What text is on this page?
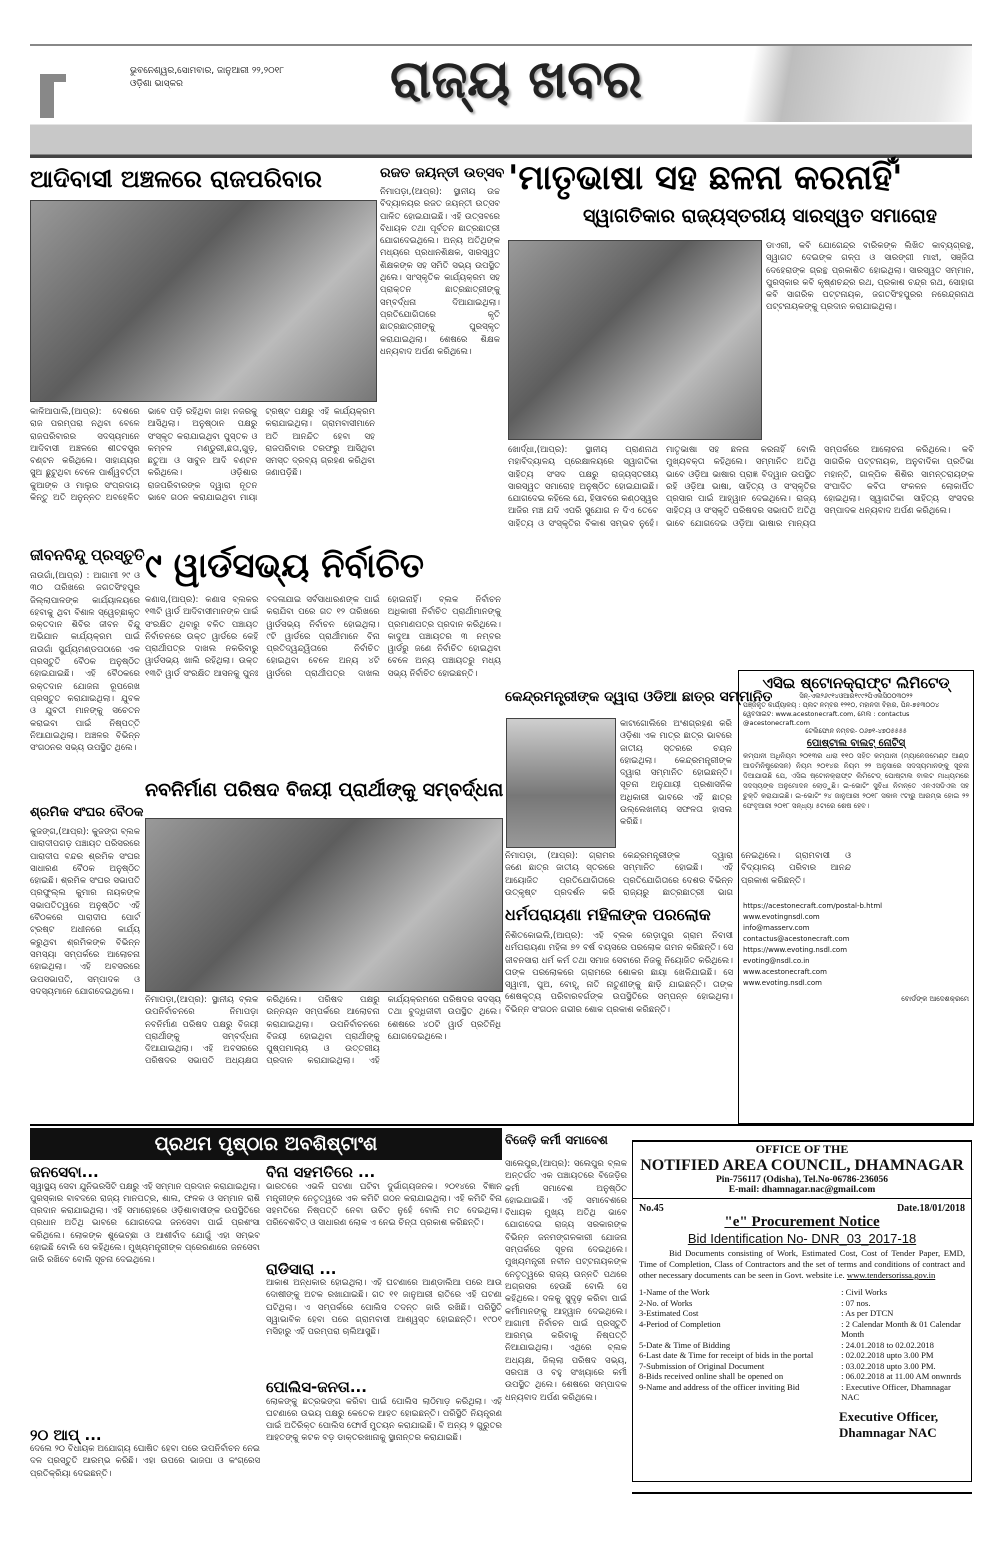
ଭୁବନେଶ୍ୱର,ସୋମବାର, ଜାନୁଆରୀ ୨୨,୨୦୧୮
ଓଡ଼ିଶା ଭାସ୍କର	ରାଜ୍ୟ ଖବର
ଆଦିବାସୀ ଅଞ୍ଚଳରେ ରାଜପରିବାର
କାଳିଆପାଲି,(ଆପ୍ର): ଦେଶରେ ରାଜ ପରମ୍ପରା ନଥିବା ବେଳେ ରାଜପରିବାରର ସଦସ୍ୟମାନେ ଆଦିବାସୀ ଅଞ୍ଚଳରେ ଶୀତବସ୍ତ୍ର ବଣ୍ଟନ କରିଥିଲେ। ସାହାଯ୍ୟର ସୁଅ ଛୁଟୁଥିବା ବେଳେ ପାର୍ଶ୍ୱବର୍ତ୍ତୀ କୁଆଙ୍କ ଓ ମାଲୁର ସଂପ୍ରଦାୟ କିନ୍ତୁ ଅତି ଅନୁନ୍ନତ ଅବହେଳିତ ଭାବେ ପଡ଼ି ରହିଥିବା ଜାହା ନଜରକୁ ଆସିଥିଲା। ଅନୁଷ୍ଠାନ ପକ୍ଷରୁ ସଂସ୍କୃତ କରାଯାଇଥିବା ପୁସ୍ତକ ଓ କମ୍ବଳ ମଣ୍ଡୁରୀ,ଛତା,ଗୁଡ଼, ଛତୁଆ ଓ ସାବୁନ ଆଦି ବଣ୍ଟନ କରିଥିଲେ। ଓଡ଼ିଶାର ରାଜପରିବାରଙ୍କ ଦ୍ୱାରା ନୂତନ ଭାବେ ଗଠନ କରାଯାଇଥିବା ମାୟା ଟ୍ରଷ୍ଟ ପକ୍ଷରୁ ଏହି କାର୍ଯ୍ୟକ୍ରମ କରାଯାଇଥିଲା। ଗ୍ରାମବାସୀମାନେ ଅତି ଆନନ୍ଦିତ ହେବା ସହ ରାଜପରିବାର ତରଫରୁ ଆସିଥିବା ସମସ୍ତ ଦ୍ରବ୍ୟ ଗ୍ରହଣ କରିଥିବା ଜଣାପଡ଼ିଛି।
ରଜତ ଜୟନ୍ତୀ ଉତ୍ସବ
ନିମାପଡ଼ା,(ଆପ୍ର): ସ୍ଥାନୀୟ ଉଚ୍ଚ ବିଦ୍ୟାଳୟର ରଜତ ଜୟନ୍ତୀ ଉତ୍ସବ ପାଳିତ ହୋଇଯାଇଛି। ଏହି ଉତ୍ସବରେ ବିଧାୟକ ତଥା ପୂର୍ବତନ ଛାତ୍ରଛାତ୍ରୀ ଯୋଗଦେଇଥିଲେ। ଅନ୍ୟ ଅତିଥିଙ୍କ ମଧ୍ୟରେ ପ୍ରଧାନଶିକ୍ଷକ, ସାରସ୍ୱତ ଶିକ୍ଷକଙ୍କ ସହ ସମିତି ସଭ୍ୟ ଉପସ୍ଥିତ ଥିଲେ। ସାଂସ୍କୃତିକ କାର୍ଯ୍ୟକ୍ରମ ସହ ପ୍ରାକ୍ତନ ଛାତ୍ରଛାତ୍ରୀଙ୍କୁ ସମ୍ବର୍ଦ୍ଧନା ଦିଆଯାଇଥିଲା। ପ୍ରତିଯୋଗିତାରେ କୃତି ଛାତ୍ରଛାତ୍ରୀଙ୍କୁ ପୁରସ୍କୃତ କରାଯାଇଥିଲା। ଶେଷରେ ଶିକ୍ଷକ ଧନ୍ୟବାଦ ଅର୍ପଣ କରିଥିଲେ।
'ମାତୃଭାଷା ସହ ଛଳନା କରନାହିଁ'
ସ୍ୱାଗତିକାର ରାଜ୍ୟସ୍ତରୀୟ ସାରସ୍ୱତ ସମାରୋହ
ଡାଏରୀ, କବି ଯୋଗେନ୍ଦ୍ର ବାରିକଙ୍କ ଲିଖିତ କାବ୍ୟଗ୍ରନ୍ଥ, ସ୍ୱାଗତ ଦେଇଙ୍କ ଗଳ୍ପ ଓ ସାରଙ୍ଗୀ ମାଝୀ, ସଞ୍ଜିତା ଦେହେରାଙ୍କ ଗ୍ରନ୍ଥ ପ୍ରକାଶିତ ହୋଇଥିଲା। ସାରସ୍ୱତ ସମ୍ମାନ, ପୁରସ୍କାର କବି କୃଷ୍ଣଚନ୍ଦ୍ର ରଥ, ପ୍ରକାଶ ଚନ୍ଦ୍ର ରଥ, ସୋହାଗ କବି ସାଗରିକ ପଟ୍ଟନାୟକ, ଜଗତସିଂହପୁରର ନରେନ୍ଦ୍ରନାଥ ପଟ୍ଟନାୟକଙ୍କୁ ପ୍ରଦାନ କରାଯାଇଥିଲା।
ଖୋର୍ଦ୍ଧା,(ଆପ୍ର): ସ୍ଥାନୀୟ ପ୍ରାଣନାଥ ମହାବିଦ୍ୟାଳୟ ପ୍ରେକ୍ଷାଳୟରେ ସ୍ୱାଗତିକା ସାହିତ୍ୟ ସଂସଦ ପକ୍ଷରୁ ରାଜ୍ୟସ୍ତରୀୟ ସାରସ୍ୱତ ସମାରୋହ ଅନୁଷ୍ଠିତ ହୋଇଯାଇଛି। ଯୋଗଦେଇ କହିଲେ ଯେ, ହିସାବରେ କଣ୍ଠସ୍ୱର ଆଜିର ମଞ୍ଚ ଯଦି ଏପରି ସୁଯୋଗ ନ ଦିଏ ତେବେ ସାହିତ୍ୟ ଓ ସଂସ୍କୃତିର ବିକାଶ ସମ୍ଭବ ନୁହେଁ। ମାତୃଭାଷା ସହ ଛଳନା କରନାହିଁ ବୋଲି ମୁଖ୍ୟବକ୍ତା କହିଥିଲେ। ସମ୍ମାନିତ ଅତିଥି ଭାବେ ଓଡ଼ିଆ ଭାଷାର ପ୍ରାଜ୍ଞ ବିଦ୍ୱାନ ଉପସ୍ଥିତ ରହି ଓଡ଼ିଆ ଭାଷା, ସାହିତ୍ୟ ଓ ସଂସ୍କୃତିର ପ୍ରସାର ପାଇଁ ଆହ୍ୱାନ ଦେଇଥିଲେ। ରାଜ୍ୟ ସାହିତ୍ୟ ଓ ସଂସ୍କୃତି ପରିଷଦର ସଭାପତି ଅତିଥି ଭାବେ ଯୋଗଦେଇ ଓଡ଼ିଆ ଭାଷାର ମାନ୍ୟତା ସମ୍ପର୍କରେ ଆଲୋଚନା କରିଥିଲେ। କବି ସାଗରିକ ପଟ୍ଟନାୟକ, ଅନୁବାଦିକା ପ୍ରତିଭା ମହାନ୍ତି, ଗାଳ୍ପିକ ଶିଶିର ସାମନ୍ତରାୟଙ୍କ ସଂପାଦିତ କବିତା ସଂକଳନ ଲୋକାର୍ପିତ ହୋଇଥିଲା। ସ୍ୱାଗତିକା ସାହିତ୍ୟ ସଂସଦର ସମ୍ପାଦକ ଧନ୍ୟବାଦ ଅର୍ପଣ କରିଥିଲେ।
ଜୀବନବିନ୍ଦୁ ପ୍ରସ୍ତୁତି
ନାଉଗାଁ,(ଆପ୍ର) : ଆଗାମୀ ୨୯ ଓ ୩୦ ତାରିଖରେ ଜଗତସିଂହପୁର ଜିଲ୍ଲାପାଳଙ୍କ କାର୍ଯ୍ୟାଳୟରେ ହେବାକୁ ଥିବା ବିଶାଳ ସ୍ୱେଚ୍ଛାକୃତ ରକ୍ତଦାନ ଶିବିର ଜୀବନ ବିନ୍ଦୁ ଅଭିଯାନ କାର୍ଯ୍ୟକ୍ରମ ପାଇଁ ନାଉଗାଁ ସୁର୍ଯ୍ୟମଣ୍ଡପଠାରେ ଏକ ପ୍ରସ୍ତୁତି ବୈଠକ ଅନୁଷ୍ଠିତ ହୋଇଯାଇଛି। ଏହି ବୈଠକରେ ରକ୍ତଦାନ ଯୋଜନା ରୂପରେଖ ପ୍ରସ୍ତୁତ କରାଯାଇଥିଲା। ଯୁବକ ଓ ଯୁବତୀ ମାନଙ୍କୁ ସଚେତନ କରାଇବା ପାଇଁ ନିଷ୍ପତ୍ତି ନିଆଯାଇଥିଲା। ଅଞ୍ଚଳର ବିଭିନ୍ନ ସଂଗଠନର ସଭ୍ୟ ଉପସ୍ଥିତ ଥିଲେ।
୯ ୱାର୍ଡସଭ୍ୟ ନିର୍ବାଚିତ
କଣାସ,(ଆପ୍ର): କଣାସ ବ୍ଲକର ୧୩ଟି ୱାର୍ଡ ଆଦିବାସୀମାନଙ୍କ ପାଇଁ ସଂରକ୍ଷିତ ଥିବାରୁ ବଳିତ ପଞ୍ଚାୟତ ନିର୍ବାଚନରେ ଉକ୍ତ ୱାର୍ଡରେ କେହି ପ୍ରାର୍ଥୀପତ୍ର ଦାଖଲ ନକରିବାରୁ ୱାର୍ଡସଭ୍ୟ ଖାଲି ରହିଥିଲା। ଉକ୍ତ ୧୩ଟି ୱାର୍ଡ ସଂରକ୍ଷିତ ଆସନକୁ ପୁନଃ ବଦଳାଯାଇ ସର୍ବସାଧାରଣଙ୍କ ପାଇଁ କରାଯିବା ପରେ ଗତ ୧୨ ତାରିଖରେ ୱାର୍ଡସଭ୍ୟ ନିର୍ବାଚନ ହୋଇଥିଲା। ୯ଟି ୱାର୍ଡରେ ପ୍ରାର୍ଥୀମାନେ ବିନା ପ୍ରତିଦ୍ୱନ୍ଦ୍ୱିତାରେ ନିର୍ବାଚିତ ହୋଇଥିବା ବେଳେ ଅନ୍ୟ ୪ଟି ୱାର୍ଡରେ ପ୍ରାର୍ଥୀପତ୍ର ଦାଖଲ ହୋଇନାହିଁ। ବ୍ଲକ ନିର୍ବାଚନ ଅଧିକାରୀ ନିର୍ବାଚିତ ପ୍ରାର୍ଥୀମାନଙ୍କୁ ପ୍ରମାଣପତ୍ର ପ୍ରଦାନ କରିଥିଲେ। କାଦୁଆ ପଞ୍ଚାୟତର ୩ ନମ୍ବର ୱାର୍ଡରୁ ଜଣେ ନିର୍ବାଚିତ ହୋଇଥିବା ବେଳେ ଅନ୍ୟ ପଞ୍ଚାୟତରୁ ମଧ୍ୟ ସଭ୍ୟ ନିର୍ବାଚିତ ହୋଇଛନ୍ତି।
ନବନିର୍ମାଣ ପରିଷଦ ବିଜୟୀ ପ୍ରାର୍ଥୀଙ୍କୁ ସମ୍ବର୍ଦ୍ଧନା
ନିମାପଡ଼ା,(ଆପ୍ର): ସ୍ଥାନୀୟ ବ୍ଲକ ଉପନିର୍ବାଚନରେ ନିମାପଡ଼ା ନବନିର୍ମାଣ ପରିଷଦ ପକ୍ଷରୁ ବିଜୟୀ ପ୍ରାର୍ଥୀଙ୍କୁ ସମ୍ବର୍ଦ୍ଧନା ଦିଆଯାଇଥିଲା। ଏହି ଅବସରରେ ପରିଷଦର ସଭାପତି ଅଧ୍ୟକ୍ଷତା କରିଥିଲେ। ପରିଷଦ ପକ୍ଷରୁ ଉନ୍ନୟନ ସମ୍ପର୍କରେ ଆଲୋଚନା କରାଯାଇଥିଲା। ଉପନିର୍ବାଚନରେ ବିଜୟୀ ହୋଇଥିବା ପ୍ରାର୍ଥୀଙ୍କୁ ପୁଷ୍ପମାଲ୍ୟ ଓ ଉତ୍ତରୀୟ ପ୍ରଦାନ କରାଯାଇଥିଲା। ଏହି କାର୍ଯ୍ୟକ୍ରମରେ ପରିଷଦର ସଦସ୍ୟ ତଥା ବୁଦ୍ଧିଜୀବୀ ଉପସ୍ଥିତ ଥିଲେ। ଶେଷରେ ୪୦ଟି ୱାର୍ଡ ପ୍ରତିନିଧି ଯୋଗଦେଇଥିଲେ।
ଶ୍ରମିକ ସଂଘର ବୈଠକ
କୁଜଙ୍ଗ,(ଆପ୍ର): କୁଜଙ୍ଗ ବ୍ଲକ ପାରାଦୀପଗଡ଼ ପଞ୍ଚାୟତ ପରିସରରେ ପାରାଦୀପ ବନ୍ଦର ଶ୍ରମିକ ସଂଘର ସାଧାରଣ ବୈଠକ ଅନୁଷ୍ଠିତ ହୋଇଛି। ଶ୍ରମିକ ସଂଘର ସଭାପତି ପ୍ରଫୁଲ୍ଲ କୁମାର ନାୟକଙ୍କ ସଭାପତିତ୍ୱରେ ଅନୁଷ୍ଠିତ ଏହି ବୈଠକରେ ପାରାଦୀପ ପୋର୍ଟ ଟ୍ରଷ୍ଟ ଅଧୀନରେ କାର୍ଯ୍ୟ କରୁଥିବା ଶ୍ରମିକଙ୍କ ବିଭିନ୍ନ ସମସ୍ୟା ସମ୍ପର୍କରେ ଆଲୋଚନା ହୋଇଥିଲା। ଏହି ଅବସରରେ ଉପସଭାପତି, ସମ୍ପାଦକ ଓ ସଦସ୍ୟମାନେ ଯୋଗଦେଇଥିଲେ।
କେନ୍ଦ୍ରମନ୍ତ୍ରୀଙ୍କ ଦ୍ୱାରା ଓଡିଆ ଛାତ୍ର ସମ୍ମାନିତ
କାଟାଗୋଲିରେ ଅଂଶଗ୍ରହଣ କରି ଓଡ଼ିଶା ଏକ ମାତ୍ର ଛାତ୍ର ଭାବରେ ଜାତୀୟ ସ୍ତରରେ ଚୟନ ହୋଇଥିଲା। କେନ୍ଦ୍ରମନ୍ତ୍ରୀଙ୍କ ଦ୍ୱାରା ସମ୍ମାନିତ ହୋଇଛନ୍ତି। ସୂଚନା ଅନୁଯାୟୀ ପ୍ରଶାସନିକ ଅଧିକାରୀ ଭାବରେ ଏହି ଛାତ୍ର ଉଲ୍ଲେଖନୀୟ ସଫଳତା ହାସଲ କରିଛି।
ନିମାପଡ଼ା, (ଆପ୍ର): ଗ୍ରାମର ଜଣେ ଛାତ୍ର ଜାତୀୟ ସ୍ତରରେ ଆୟୋଜିତ ପ୍ରତିଯୋଗିତାରେ ଉତ୍କୃଷ୍ଟ ପ୍ରଦର୍ଶନ କରି କେନ୍ଦ୍ରମନ୍ତ୍ରୀଙ୍କ ଦ୍ୱାରା ସମ୍ମାନିତ ହୋଇଛି। ଏହି ପ୍ରତିଯୋଗିତାରେ ଦେଶର ବିଭିନ୍ନ ରାଜ୍ୟରୁ ଛାତ୍ରଛାତ୍ରୀ ଭାଗ ନେଇଥିଲେ। ଗ୍ରାମବାସୀ ଓ ବିଦ୍ୟାଳୟ ପରିବାର ଆନନ୍ଦ ପ୍ରକାଶ କରିଛନ୍ତି।
ଧର୍ମପରାୟଣା ମହିଳାଙ୍କ ପରଲୋକ
ନିଶିତକୋଇଲି,(ଆପ୍ର): ଏହି ବ୍ଲକ ରେଡ଼ାପୁର ଗ୍ରାମ ନିବାସୀ ଧର୍ମପରାୟଣା ମହିଳା ୭୨ ବର୍ଷ ବୟସରେ ପରଲୋକ ଗମନ କରିଛନ୍ତି। ସେ ଜୀବନସାରା ଧର୍ମ କର୍ମ ତଥା ସମାଜ ସେବାରେ ନିଜକୁ ନିୟୋଜିତ କରିଥିଲେ। ତାଙ୍କ ପରଲୋକରେ ଗ୍ରାମରେ ଶୋକର ଛାୟା ଖେଳିଯାଇଛି। ସେ ସ୍ୱାମୀ, ପୁଅ, ବୋହୂ, ନାତି ନାତୁଣୀଙ୍କୁ ଛାଡ଼ି ଯାଇଛନ୍ତି। ତାଙ୍କ ଶେଷକୃତ୍ୟ ପରିବାରବର୍ଗଙ୍କ ଉପସ୍ଥିତିରେ ସମ୍ପନ୍ନ ହୋଇଥିଲା। ବିଭିନ୍ନ ସଂଗଠନ ଗଭୀର ଶୋକ ପ୍ରକାଶ କରିଛନ୍ତି।
ଏସିଇ ଷ୍ଟୋନକ୍ରାଫ୍ଟ ଲିମିଟେଡ୍
ସିନ୍-ଏଲ୨୬୯୧୪ଓଆର୧୯୯୨ପିଏଲସି୦୦୩୦୨୨
ପଞ୍ଜିକୃତ କାର୍ଯ୍ୟାଳୟ : ପ୍ଲଟ ନମ୍ବର ୧୨୧୦, ମହାନଦୀ ବିହାର, ପିନ-୭୫୩୦୦୪
ୱେବସାଇଟ: www.acestonecraft.com, ମେଲ : contactus @acestonecraft.com
ଟେଲିଫୋନ ନମ୍ବର- ୦୬୭୧-୪୭୦୫୫୫୫
ପୋଷ୍ଟାଲ ବାଲଟ୍ ନୋଟିସ୍
କମ୍ପାନୀ ଅଧିନିୟମ ୨୦୧୩ର ଧାରା ୧୧୦ ସହିତ କମ୍ପାନୀ (ମ୍ୟାନେଜମେଣ୍ଟ ଆଣ୍ଡ ଆଡମିନିଷ୍ଟ୍ରେସନ) ନିୟମ ୨୦୧୪ର ନିୟମ ୨୨ ଅନୁସାରେ ସଦସ୍ୟମାନଙ୍କୁ ସୂଚନା ଦିଆଯାଉଛି ଯେ, ଏସିଇ ଷ୍ଟୋନକ୍ରାଫ୍ଟ ଲିମିଟେଡ୍ ପୋଷ୍ଟାଲ ବାଲଟ ମାଧ୍ୟମରେ ସଦସ୍ୟଙ୍କ ଅନୁମୋଦନ ଲୋଡ଼ୁଛି। ଇ-ଭୋଟିଂ ସୁବିଧା ନିମନ୍ତେ ଏନଏସଡିଏଲ ସହ ଚୁକ୍ତି କରାଯାଇଛି। ଇ-ଭୋଟିଂ ୨୪ ଜାନୁଆରୀ ୨୦୧୮ ସକାଳ ୯ଟାରୁ ଆରମ୍ଭ ହୋଇ ୨୨ ଫେବୃଆରୀ ୨୦୧୮ ସନ୍ଧ୍ୟା ୫ଟାରେ ଶେଷ ହେବ।
https://acestonecraft.com/postal-b.html
www.evotingnsdl.com
info@masserv.com
contactus@acestonecraft.com
https://www.evoting.nsdl.com
evoting@nsdl.co.in
www.acestonecraft.com
www.evoting.nsdl.com
ବୋର୍ଡଙ୍କ ଆଦେଶକ୍ରମେ
ପ୍ରଥମ ପୃଷ୍ଠାର ଅବଶିଷ୍ଟାଂଶ
ଜନସେବା...
ସ୍ୱାସ୍ଥ୍ୟ ସେବା ଯୁନିଭରସିଟି ପକ୍ଷରୁ ଏହି ସମ୍ମାନ ପ୍ରଦାନ କରାଯାଇଥିଲା। ପୁରସ୍କାର ବାବଦରେ ରାଜ୍ୟ ମାନପତ୍ର, ଶାଲ, ଫଳକ ଓ ସମ୍ମାନ ରାଶି ପ୍ରଦାନ କରାଯାଇଥିଲା। ଏହି ସମାରୋହରେ ଓଡ଼ିଶାବାସୀଙ୍କ ଉପସ୍ଥିତିରେ ପ୍ରଧାନ ଅତିଥି ଭାବରେ ଯୋଗଦେଇ ଜନସେବା ପାଇଁ ପ୍ରଶଂସା କରିଥିଲେ। ଲୋକଙ୍କ ଶୁଭେଚ୍ଛା ଓ ଆଶୀର୍ବାଦ ଯୋଗୁଁ ଏହା ସମ୍ଭବ ହୋଇଛି ବୋଲି ସେ କହିଥିଲେ। ମୁଖ୍ୟମନ୍ତ୍ରୀଙ୍କ ପ୍ରେରଣାରେ ଜନସେବା ଜାରି ରଖିବେ ବୋଲି ସୂଚନା ଦେଇଥିଲେ।
୨୦ ଆପ୍ ...
ଦେଲେ ୨୦ ବିଧାୟକ ଅଯୋଗ୍ୟ ଘୋଷିତ ହେବା ପରେ ଉପନିର୍ବାଚନ ନେଇ ଦଳ ପ୍ରସ୍ତୁତି ଆରମ୍ଭ କରିଛି। ଏହା ଉପରେ ଭାଜପା ଓ କଂଗ୍ରେସ ପ୍ରତିକ୍ରିୟା ଦେଇଛନ୍ତି।
ବିନା ସହମତିରେ ...
ଭାରତରେ ଏଭଳି ଘଟଣା ଘଟିବା ଦୁର୍ଭାଗ୍ୟଜନକ। ୨୦୧୪ରେ ବିଜ୍ଞାନ ମନ୍ତ୍ରୀଙ୍କ ନେତୃତ୍ୱରେ ଏକ କମିଟି ଗଠନ କରାଯାଇଥିଲା। ଏହି କମିଟି ବିନା ସହମତିରେ ନିଷ୍ପତ୍ତି ନେବା ଉଚିତ ନୁହେଁ ବୋଲି ମତ ଦେଇଥିଲା। ପରିବେଶବିତ୍ ଓ ସାଧାରଣ ଲୋକ ଏ ନେଇ ଚିନ୍ତା ପ୍ରକାଶ କରିଛନ୍ତି।
ରାଡିସାରା ...
ଆକାଶ ଅନ୍ଧକାର ହୋଇଥିଲା। ଏହି ଘଟଣାରେ ଆଣ୍ଡାଲିଆ ପରେ ଆଉ ଦୋଷୀଙ୍କୁ ଅଟକ ରଖାଯାଇଛି। ଗତ ୧୧ ଜାନୁଆରୀ ରାତିରେ ଏହି ଘଟଣା ଘଟିଥିଲା। ଏ ସମ୍ପର୍କରେ ପୋଲିସ ତଦନ୍ତ ଜାରି ରଖିଛି। ପରିସ୍ଥିତି ସ୍ୱାଭାବିକ ହେବା ପରେ ଗ୍ରାମବାସୀ ଆଶ୍ୱସ୍ତ ହୋଇଛନ୍ତି। ୧୯୦୧ ମସିହାରୁ ଏହି ପରମ୍ପରା ଚାଲିଆସୁଛି।
ପୋଲିସ-ଜନତା...
ଲୋକଙ୍କୁ ଛତ୍ରଭଙ୍ଗ କରିବା ପାଇଁ ପୋଲିସ ଲାଠିମାଡ଼ କରିଥିଲା। ଏହି ଘଟଣାରେ ଉଭୟ ପକ୍ଷରୁ କେତେକ ଆହତ ହୋଇଛନ୍ତି। ପରିସ୍ଥିତି ନିୟନ୍ତ୍ରଣ ପାଇଁ ଅତିରିକ୍ତ ପୋଲିସ ଫୋର୍ସ ମୁତୟନ କରାଯାଇଛି। ବି ଅନ୍ୟ ୨ ଗୁରୁତର ଆହତଙ୍କୁ କଟକ ବଡ଼ ଡାକ୍ତରଖାନାକୁ ସ୍ଥାନାନ୍ତର କରାଯାଇଛି।
ବିଜେଡ଼ି କର୍ମୀ ସମାବେଶ
ସାଲେପୁର,(ଆପ୍ର): ସଲେପୁର ବ୍ଲକ ଅନ୍ତର୍ଗତ ଏକ ପଞ୍ଚାୟତରେ ବିଜେଡ଼ିର କର୍ମୀ ସମାବେଶ ଅନୁଷ୍ଠିତ ହୋଇଯାଇଛି। ଏହି ସମାବେଶରେ ବିଧାୟକ ମୁଖ୍ୟ ଅତିଥି ଭାବେ ଯୋଗଦେଇ ରାଜ୍ୟ ସରକାରଙ୍କ ବିଭିନ୍ନ ଜନମଙ୍ଗଳକାରୀ ଯୋଜନା ସମ୍ପର୍କରେ ସୂଚନା ଦେଇଥିଲେ। ମୁଖ୍ୟମନ୍ତ୍ରୀ ନବୀନ ପଟ୍ଟନାୟକଙ୍କ ନେତୃତ୍ୱରେ ରାଜ୍ୟ ଉନ୍ନତି ପଥରେ ଅଗ୍ରସର ହେଉଛି ବୋଲି ସେ କହିଥିଲେ। ଦଳକୁ ସୁଦୃଢ଼ କରିବା ପାଇଁ କର୍ମୀମାନଙ୍କୁ ଆହ୍ୱାନ ଦେଇଥିଲେ। ଆଗାମୀ ନିର୍ବାଚନ ପାଇଁ ପ୍ରସ୍ତୁତି ଆରମ୍ଭ କରିବାକୁ ନିଷ୍ପତ୍ତି ନିଆଯାଇଥିଲା। ଏଥିରେ ବ୍ଲକ ଅଧ୍ୟକ୍ଷ, ଜିଲ୍ଲା ପରିଷଦ ସଭ୍ୟ, ସରପଞ୍ଚ ଓ ବହୁ ସଂଖ୍ୟାରେ କର୍ମୀ ଉପସ୍ଥିତ ଥିଲେ। ଶେଷରେ ସମ୍ପାଦକ ଧନ୍ୟବାଦ ଅର୍ପଣ କରିଥିଲେ।
OFFICE OF THE
NOTIFIED AREA COUNCIL, DHAMNAGAR
Pin-756117 (Odisha), Tel.No-06786-236056
E-mail: dhamnagar.nac@gmail.com
No.45	Date.18/01/2018
"e" Procurement Notice
Bid Identification No- DNR_03_2017-18
Bid Documents consisting of Work, Estimated Cost, Cost of Tender Paper, EMD, Time of Completion, Class of Contractors and the set of terms and conditions of contract and other necessary documents can be seen in Govt. website i.e. www.tendersorissa.gov.in
1-Name of the Work	: Civil Works
2-No. of Works	: 07 nos.
3-Estimated Cost	: As per DTCN
4-Period of Completion	: 2 Calendar Month & 01 Calendar Month
5-Date & Time of Bidding	: 24.01.2018 to 02.02.2018
6-Last date & Time for receipt of bids in the portal	: 02.02.2018 upto 3.00 PM
7-Submission of Original Document	: 03.02.2018 upto 3.00 PM.
8-Bids received online shall be opened on	: 06.02.2018 at 11.00 AM onwnrds
9-Name and address of the officer inviting Bid	: Executive Officer, Dhamnagar NAC
Executive Officer,
Dhamnagar NAC
